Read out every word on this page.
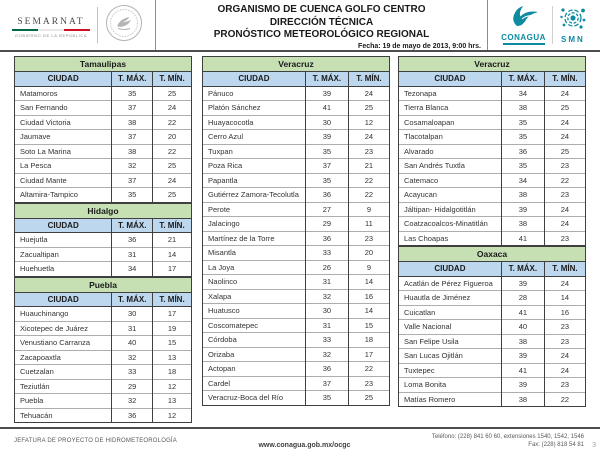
SEMARNAT
GOBIERNO DE LA REPÚBLICA
ORGANISMO DE CUENCA GOLFO CENTRO
DIRECCIÓN TÉCNICA
PRONÓSTICO METEOROLÓGICO REGIONAL
Fecha: 19 de mayo de 2013, 9:00 hrs.
CONAGUA SMN
Tamaulipas		
CIUDAD	T. MÁX.	T. MÍN.
Matamoros	35	25
San Fernando	37	24
Ciudad Victoria	38	22
Jaumave	37	20
Soto La Marina	38	22
La Pesca	32	25
Ciudad Mante	37	24
Altamira-Tampico	35	25
Hidalgo		
CIUDAD	T. MÁX.	T. MÍN.
Huejutla	36	21
Zacualtipan	31	14
Huehuetla	34	17
Puebla		
CIUDAD	T. MÁX.	T. MÍN.
Huauchinango	30	17
Xicotepec de Juárez	31	19
Venustiano Carranza	40	15
Zacapoaxtla	32	13
Cuetzalan	33	18
Teziutlán	29	12
Puebla	32	13
Tehuacán	36	12
Veracruz		
CIUDAD	T. MÁX.	T. MÍN.
Pánuco	39	24
Platón Sánchez	41	25
Huayacocotla	30	12
Cerro Azul	39	24
Tuxpan	35	23
Poza Rica	37	21
Papantla	35	22
Gutiérrez Zamora-Tecolutla	36	22
Perote	27	9
Jalacingo	29	11
Martínez de la Torre	36	23
Misantla	33	20
La Joya	26	9
Naolinco	31	14
Xalapa	32	16
Huatusco	30	14
Coscomatepec	31	15
Córdoba	33	18
Orizaba	32	17
Actopan	36	22
Cardel	37	23
Veracruz-Boca del Río	35	25
Veracruz		
CIUDAD	T. MÁX.	T. MÍN.
Tezonapa	34	24
Tierra Blanca	38	25
Cosamaloapan	35	24
Tlacotalpan	35	24
Alvarado	36	25
San Andrés Tuxtla	35	23
Catemaco	34	22
Acayucan	38	23
Jáltipan- Hidalgotitlán	39	24
Coatzacoalcos-Minatitlán	38	24
Las Choapas	41	23
Oaxaca		
CIUDAD	T. MÁX.	T. MÍN.
Acatlán de Pérez Figueroa	39	24
Huautla de Jiménez	28	14
Cuicatlan	41	16
Valle Nacional	40	23
San Felipe Usila	38	23
San Lucas Ojitlán	39	24
Tuxtepec	41	24
Loma Bonita	39	23
Matías Romero	38	22
JEFATURA DE PROYECTO DE HIDROMETEOROLOGÍA
www.conagua.gob.mx/ocgc
Teléfono: (228) 841 60 60, extensiones 1540, 1542, 1546
Fax: (228) 818 54 81 3
